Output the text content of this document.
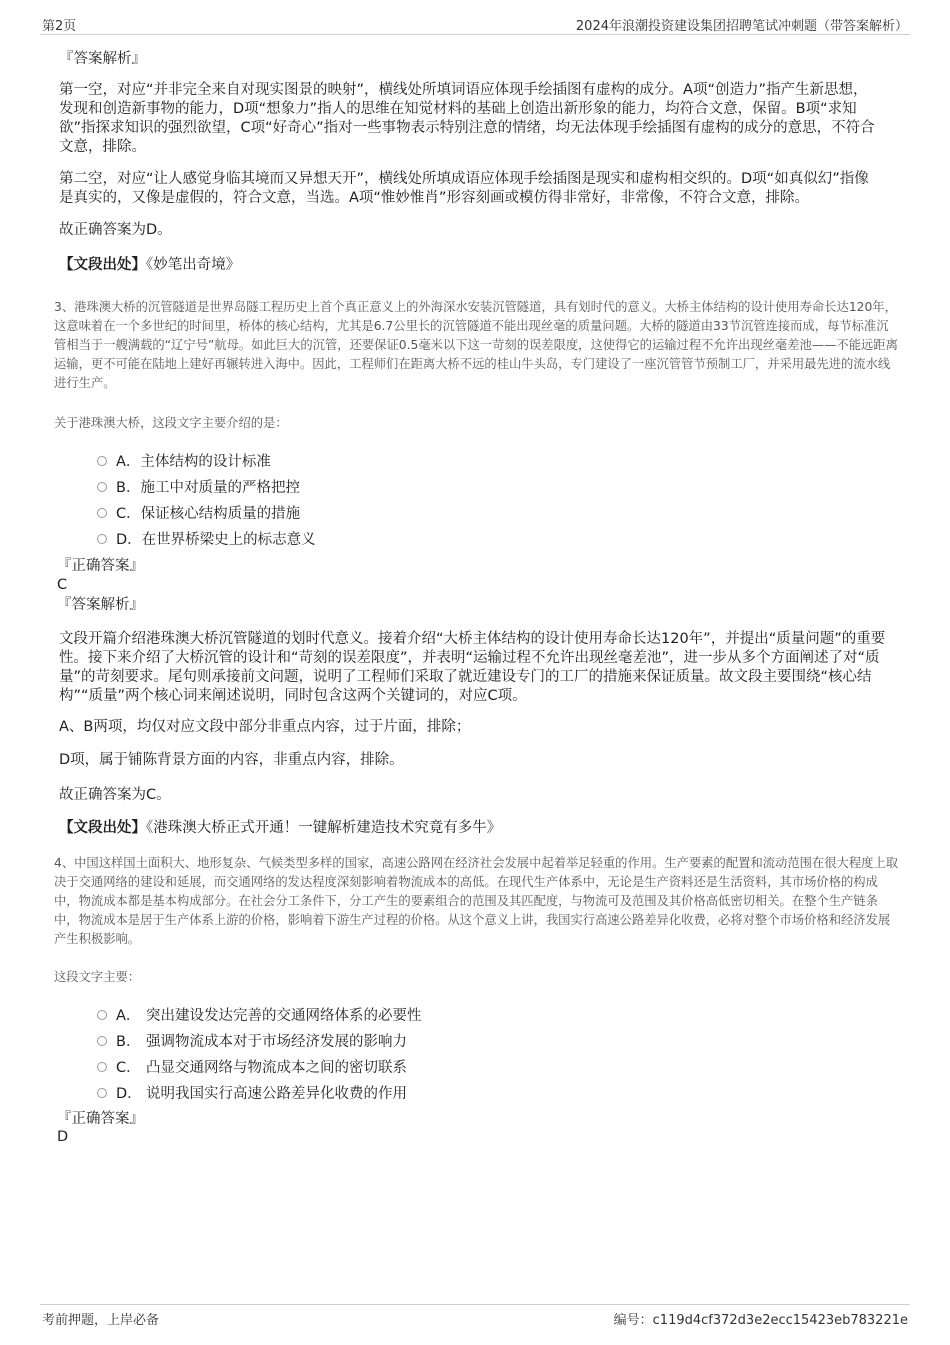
第2页	2024年浪潮投资建设集团招聘笔试冲刺题（带答案解析）
『答案解析』
第一空，对应“并非完全来自对现实图景的映射”，横线处所填词语应体现手绘插图有虚构的成分。A项“创造力”指产生新思想，发现和创造新事物的能力，D项“想象力”指人的思维在知觉材料的基础上创造出新形象的能力，均符合文意，保留。B项“求知欲”指探求知识的强烈欲望，C项“好奇心”指对一些事物表示特别注意的情绪，均无法体现手绘插图有虚构的成分的意思，不符合文意，排除。
第二空，对应“让人感觉身临其境而又异想天开”，横线处所填成语应体现手绘插图是现实和虚构相交织的。D项“如真似幻”指像是真实的，又像是虚假的，符合文意，当选。A项“惟妙惟肖”形容刻画或模仿得非常好，非常像，不符合文意，排除。
故正确答案为D。
【文段出处】《妙笔出奇境》
3、港珠澳大桥的沉管隧道是世界岛隧工程历史上首个真正意义上的外海深水安装沉管隧道，具有划时代的意义。大桥主体结构的设计使用寿命长达120年，这意味着在一个多世纪的时间里，桥体的核心结构，尤其是6.7公里长的沉管隧道不能出现丝毫的质量问题。大桥的隧道由33节沉管连接而成，每节标准沉管相当于一艘满载的“辽宁号”航母。如此巨大的沉管，还要保证0.5毫米以下这一苛刻的误差限度，这使得它的运输过程不允许出现丝毫差池——不能远距离运输，更不可能在陆地上建好再辗转进入海中。因此，工程师们在距离大桥不远的桂山牛头岛，专门建设了一座沉管管节预制工厂，并采用最先进的流水线进行生产。
关于港珠澳大桥，这段文字主要介绍的是：
A．主体结构的设计标准
B．施工中对质量的严格把控
C．保证核心结构质量的措施
D．在世界桥梁史上的标志意义
『正确答案』
C
『答案解析』
文段开篇介绍港珠澳大桥沉管隧道的划时代意义。接着介绍“大桥主体结构的设计使用寿命长达120年”，并提出“质量问题”的重要性。接下来介绍了大桥沉管的设计和“苛刻的误差限度”，并表明“运输过程不允许出现丝毫差池”，进一步从多个方面阐述了对“质量”的苛刻要求。尾句则承接前文问题，说明了工程师们采取了就近建设专门的工厂的措施来保证质量。故文段主要围绕“核心结构”“质量”两个核心词来阐述说明，同时包含这两个关键词的，对应C项。
A、B两项，均仅对应文段中部分非重点内容，过于片面，排除；
D项，属于铺陈背景方面的内容，非重点内容，排除。
故正确答案为C。
【文段出处】《港珠澳大桥正式开通！一键解析建造技术究竟有多牛》
4、中国这样国土面积大、地形复杂、气候类型多样的国家，高速公路网在经济社会发展中起着举足轻重的作用。生产要素的配置和流动范围在很大程度上取决于交通网络的建设和延展，而交通网络的发达程度深刻影响着物流成本的高低。在现代生产体系中，无论是生产资料还是生活资料，其市场价格的构成中，物流成本都是基本构成部分。在社会分工条件下，分工产生的要素组合的范围及其匹配度，与物流可及范围及其价格高低密切相关。在整个生产链条中，物流成本是居于生产体系上游的价格，影响着下游生产过程的价格。从这个意义上讲，我国实行高速公路差异化收费，必将对整个市场价格和经济发展产生积极影响。
这段文字主要：
A． 突出建设发达完善的交通网络体系的必要性
B． 强调物流成本对于市场经济发展的影响力
C． 凸显交通网络与物流成本之间的密切联系
D． 说明我国实行高速公路差异化收费的作用
『正确答案』
D
考前押题，上岸必备	编号：c119d4cf372d3e2ecc15423eb783221e
